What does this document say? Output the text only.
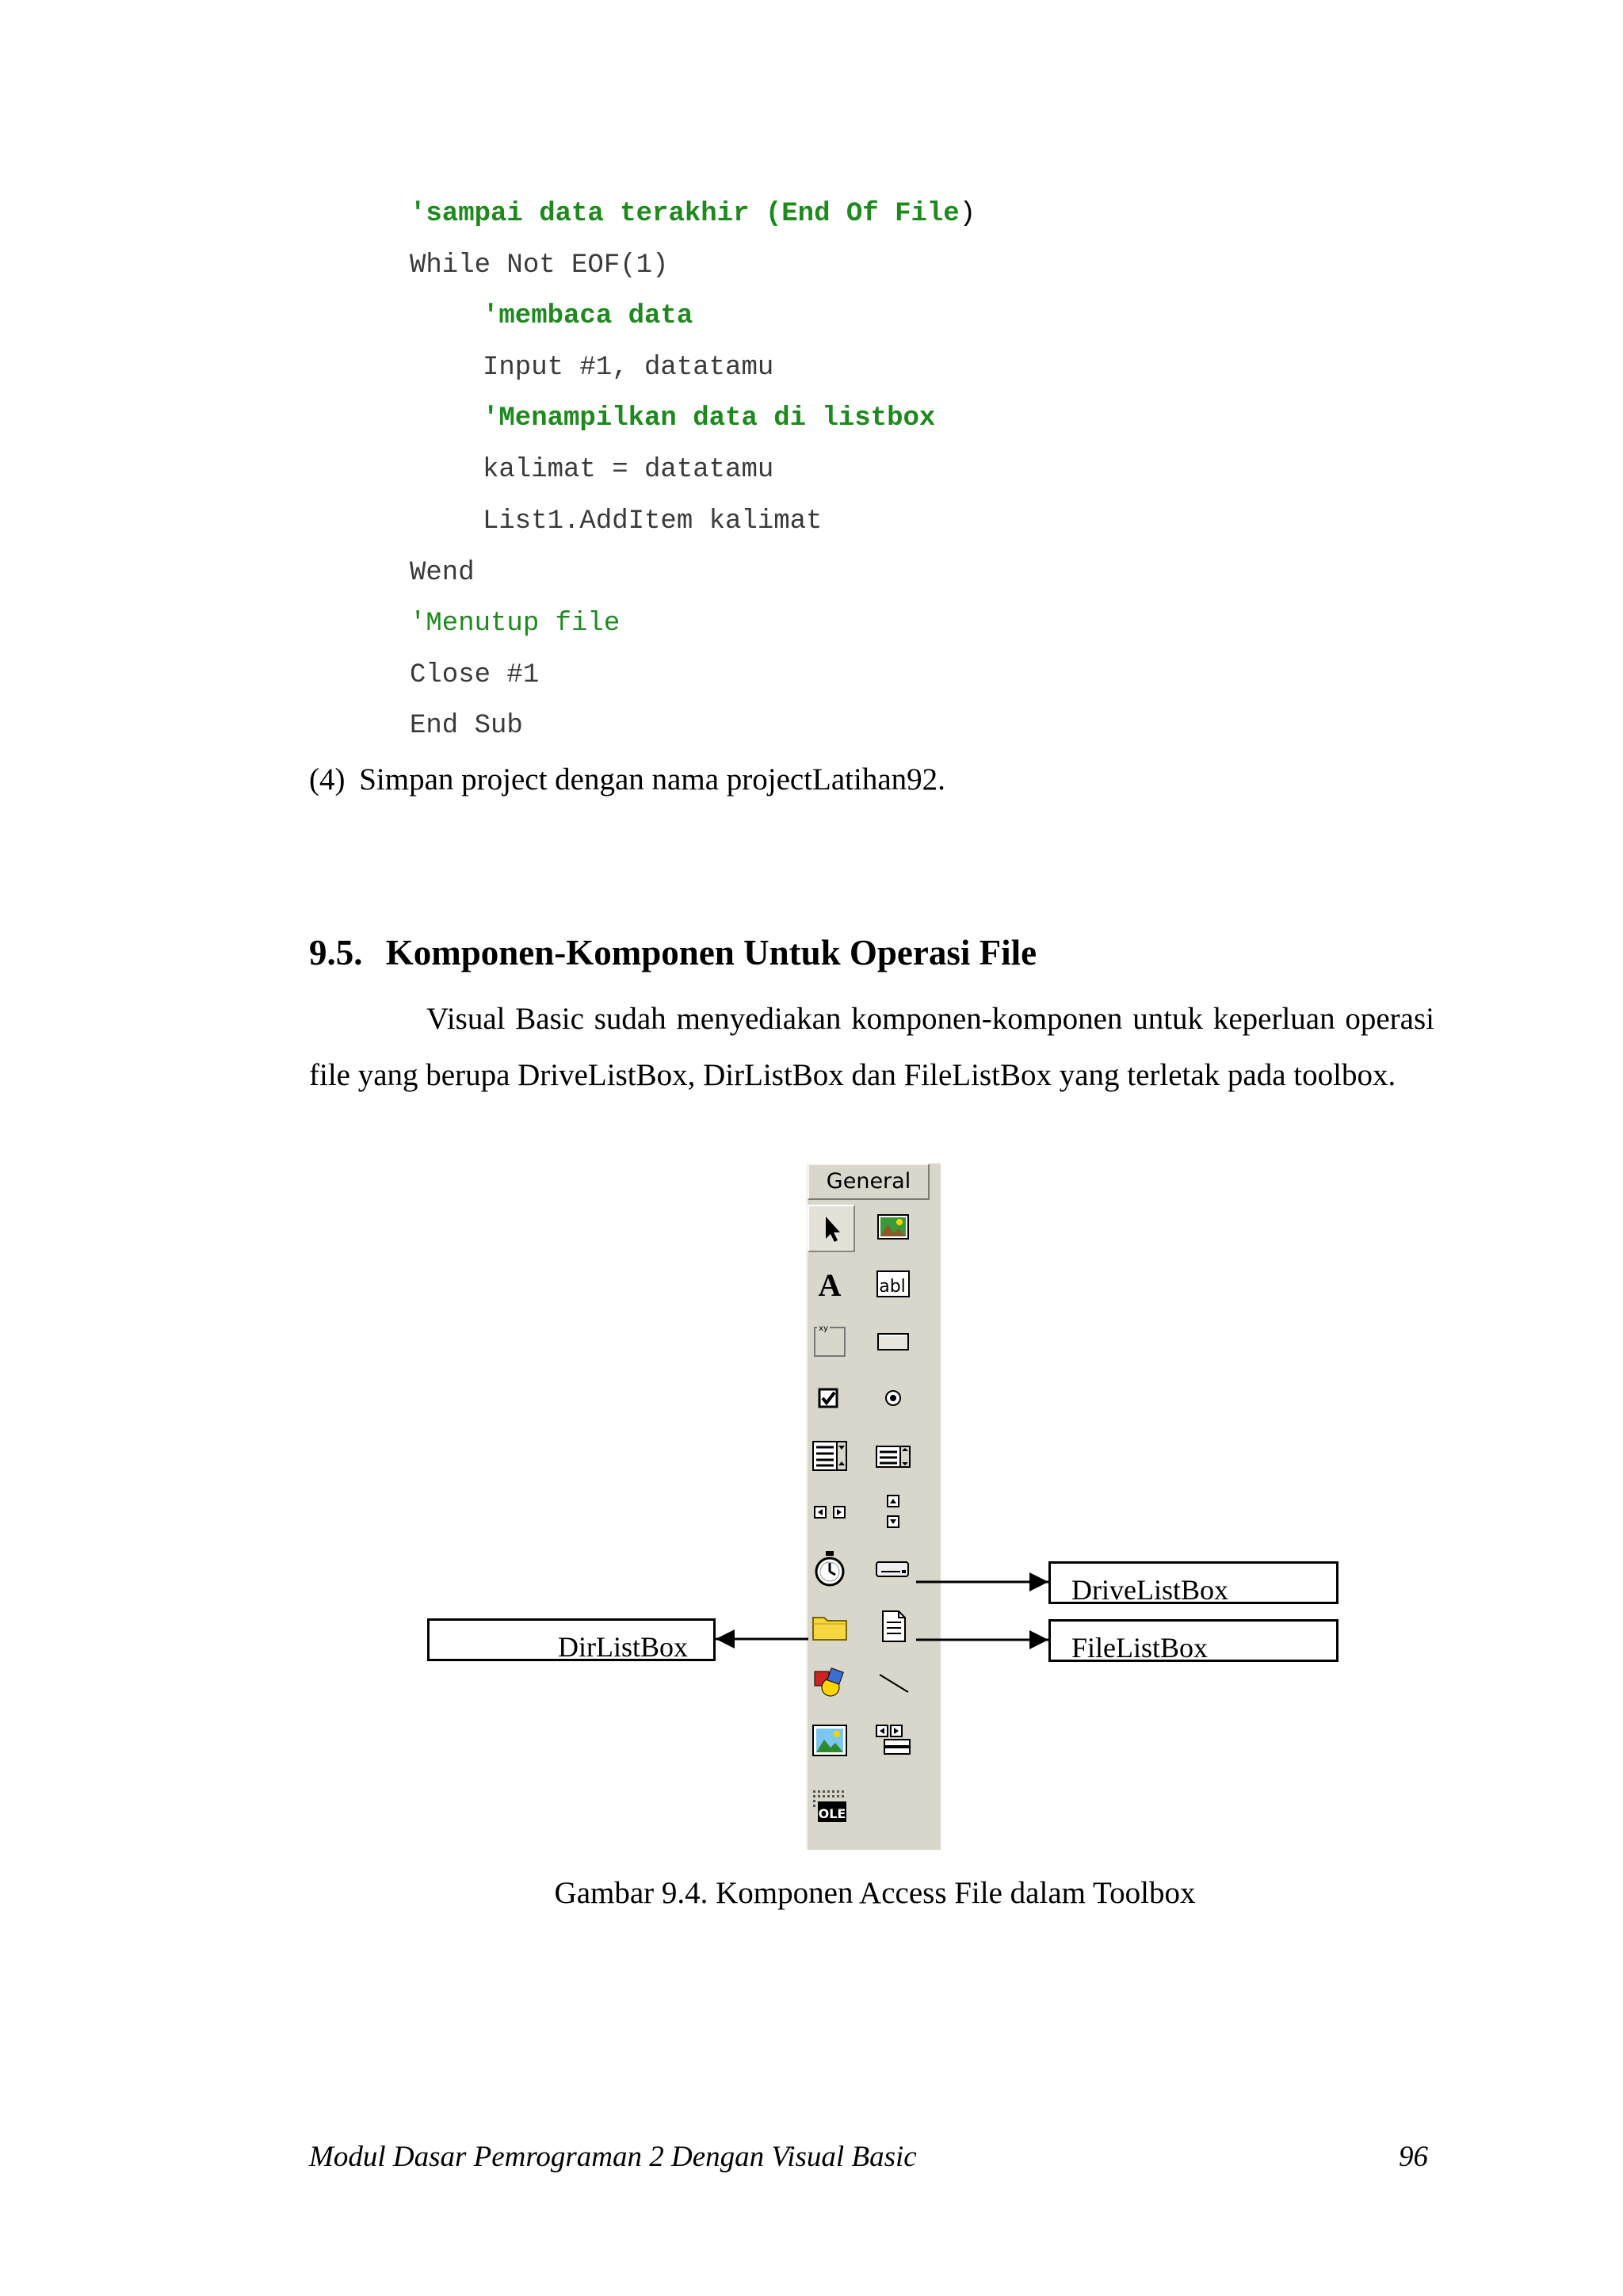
'sampai data terakhir (End Of File)
While Not EOF(1)
'membaca data
Input #1, datatamu
'Menampilkan data di listbox
kalimat = datatamu
List1.AddItem kalimat
Wend
'Menutup file
Close #1
End Sub
(4) Simpan project dengan nama projectLatihan92.
9.5. Komponen-Komponen Untuk Operasi File
Visual Basic sudah menyediakan komponen-komponen untuk keperluan operasi file yang berupa DriveListBox, DirListBox dan FileListBox yang terletak pada toolbox.
General
A abl
xy
OLE
DriveListBox
FileListBox
DirListBox
Gambar 9.4. Komponen Access File dalam Toolbox
Modul Dasar Pemrograman 2 Dengan Visual Basic	96
